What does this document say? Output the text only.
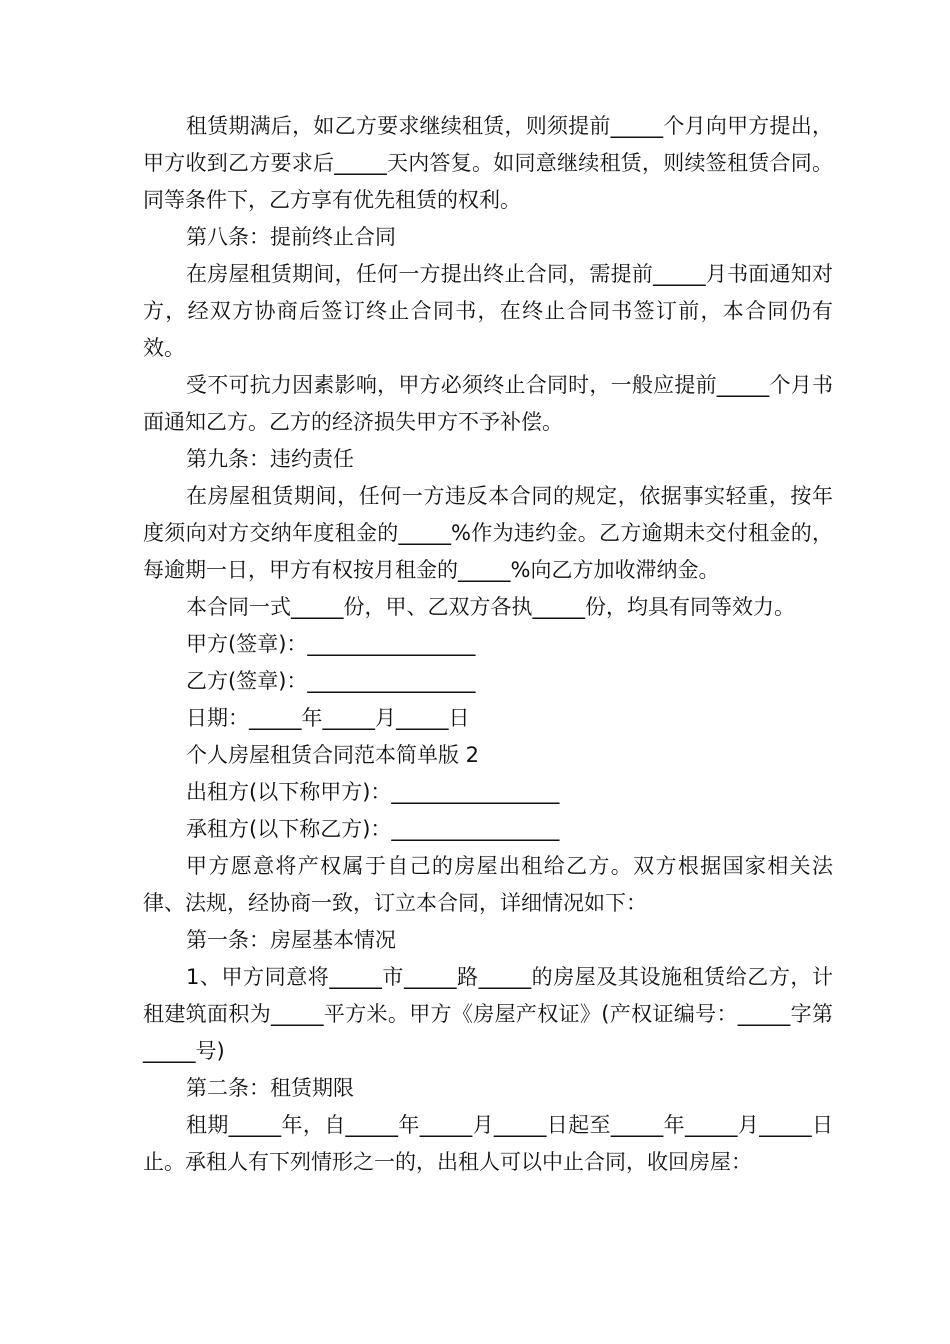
租赁期满后，如乙方要求继续租赁，则须提前_____个月向甲方提出，甲方收到乙方要求后_____天内答复。如同意继续租赁，则续签租赁合同。同等条件下，乙方享有优先租赁的权利。

第八条：提前终止合同

在房屋租赁期间，任何一方提出终止合同，需提前_____月书面通知对方，经双方协商后签订终止合同书，在终止合同书签订前，本合同仍有效。

受不可抗力因素影响，甲方必须终止合同时，一般应提前_____个月书面通知乙方。乙方的经济损失甲方不予补偿。

第九条：违约责任

在房屋租赁期间，任何一方违反本合同的规定，依据事实轻重，按年度须向对方交纳年度租金的_____%作为违约金。乙方逾期未交付租金的，每逾期一日，甲方有权按月租金的_____%向乙方加收滞纳金。

本合同一式_____份，甲、乙双方各执_____份，均具有同等效力。

甲方(签章)：________________

乙方(签章)：________________

日期：_____年_____月_____日

个人房屋租赁合同范本简单版 2

出租方(以下称甲方)：________________

承租方(以下称乙方)：________________

甲方愿意将产权属于自己的房屋出租给乙方。双方根据国家相关法律、法规，经协商一致，订立本合同，详细情况如下：

第一条：房屋基本情况

1、甲方同意将_____市_____路_____的房屋及其设施租赁给乙方，计租建筑面积为_____平方米。甲方《房屋产权证》(产权证编号：_____字第_____号)

第二条：租赁期限

租期_____年，自_____年_____月_____日起至_____年_____月_____日止。承租人有下列情形之一的，出租人可以中止合同，收回房屋：
